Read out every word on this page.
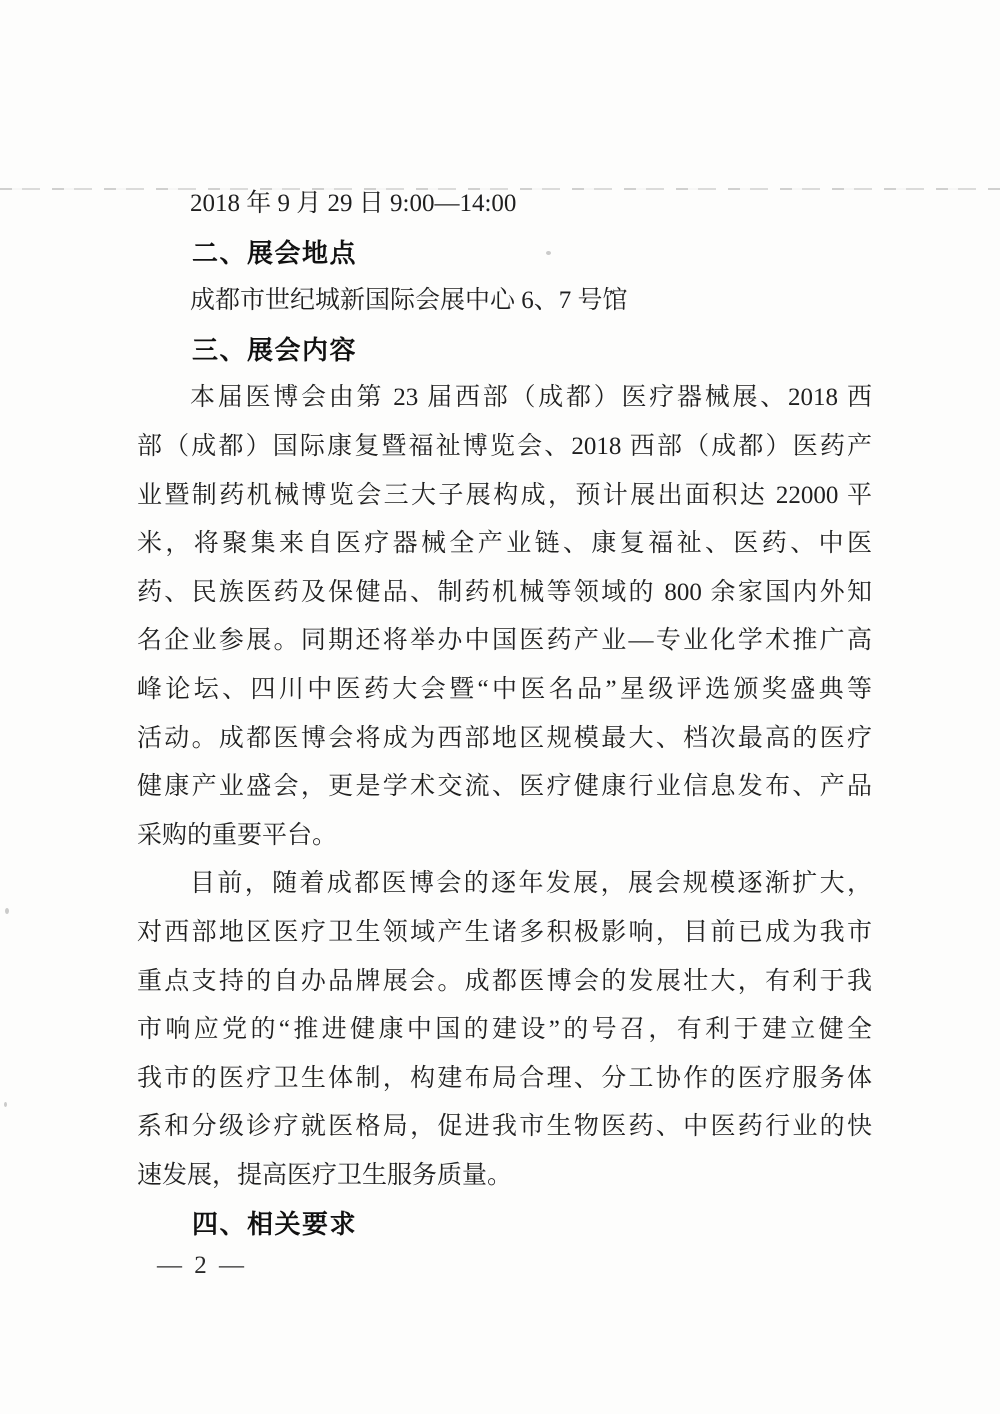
2018 年 9 月 29 日 9:00—14:00
二、展会地点
成都市世纪城新国际会展中心 6、7 号馆
三、展会内容
本届医博会由第 23 届西部（成都）医疗器械展、2018 西
部（成都）国际康复暨福祉博览会、2018 西部（成都）医药产
业暨制药机械博览会三大子展构成，预计展出面积达 22000 平
米，将聚集来自医疗器械全产业链、康复福祉、医药、中医
药、民族医药及保健品、制药机械等领域的 800 余家国内外知
名企业参展。同期还将举办中国医药产业—专业化学术推广高
峰论坛、四川中医药大会暨“中医名品”星级评选颁奖盛典等
活动。成都医博会将成为西部地区规模最大、档次最高的医疗
健康产业盛会，更是学术交流、医疗健康行业信息发布、产品
采购的重要平台。
目前，随着成都医博会的逐年发展，展会规模逐渐扩大，
对西部地区医疗卫生领域产生诸多积极影响，目前已成为我市
重点支持的自办品牌展会。成都医博会的发展壮大，有利于我
市响应党的“推进健康中国的建设”的号召，有利于建立健全
我市的医疗卫生体制，构建布局合理、分工协作的医疗服务体
系和分级诊疗就医格局，促进我市生物医药、中医药行业的快
速发展，提高医疗卫生服务质量。
四、相关要求
— 2 —
